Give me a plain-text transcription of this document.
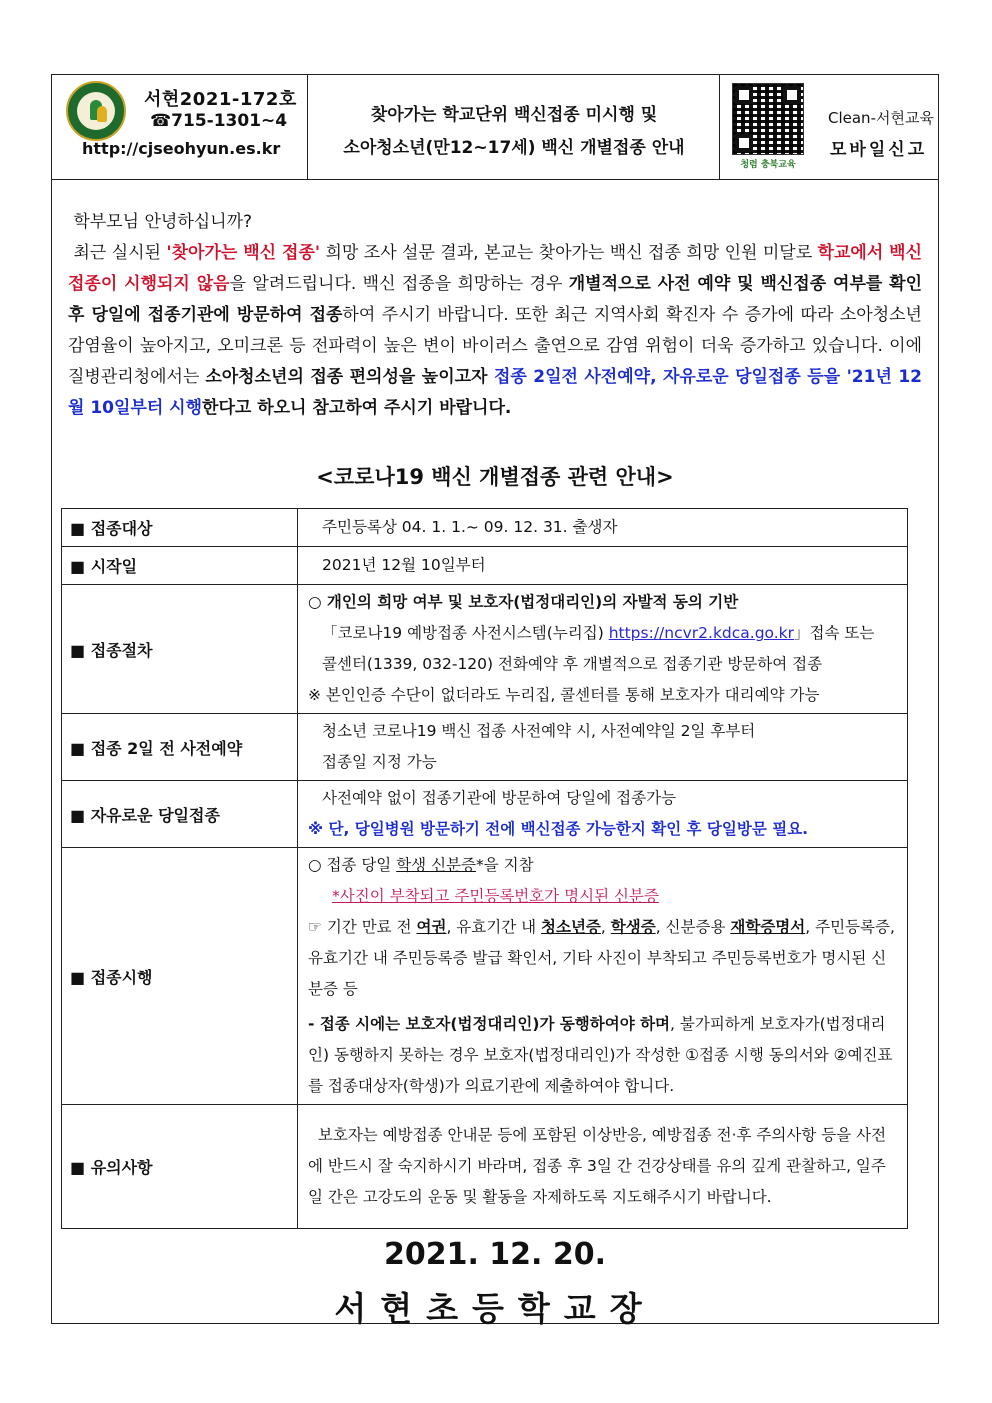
서현2021-172호
☎715-1301~4
http://cjseohyun.es.kr
찾아가는 학교단위 백신접종 미시행 및
소아청소년(만12~17세) 백신 개별접종 안내
청렴 충북교육
Clean-서현교육
모바일신고

학부모님 안녕하십니까?

최근 실시된 '찾아가는 백신 접종' 희망 조사 설문 결과, 본교는 찾아가는 백신 접종 희망 인원 미달로 학교에서 백신접종이 시행되지 않음을 알려드립니다. 백신 접종을 희망하는 경우 개별적으로 사전 예약 및 백신접종 여부를 확인 후 당일에 접종기관에 방문하여 접종하여 주시기 바랍니다. 또한 최근 지역사회 확진자 수 증가에 따라 소아청소년 감염율이 높아지고, 오미크론 등 전파력이 높은 변이 바이러스 출연으로 감염 위험이 더욱 증가하고 있습니다. 이에 질병관리청에서는 소아청소년의 접종 편의성을 높이고자 접종 2일전 사전예약, 자유로운 당일접종 등을 '21년 12월 10일부터 시행한다고 하오니 참고하여 주시기 바랍니다.

<코로나19 백신 개별접종 관련 안내>
■ 접종대상	주민등록상 04. 1. 1.~ 09. 12. 31. 출생자
■ 시작일	2021년 12월 10일부터
■ 접종절차	○ 개인의 희망 여부 및 보호자(법정대리인)의 자발적 동의 기반
「코로나19 예방접종 사전시스템(누리집) https://ncvr2.kdca.go.kr」접속 또는
콜센터(1339, 032-120) 전화예약 후 개별적으로 접종기관 방문하여 접종
※ 본인인증 수단이 없더라도 누리집, 콜센터를 통해 보호자가 대리예약 가능

■ 접종 2일 전 사전예약	청소년 코로나19 백신 접종 사전예약 시, 사전예약일 2일 후부터
접종일 지정 가능

■ 자유로운 당일접종	사전예약 없이 접종기관에 방문하여 당일에 접종가능
※ 단, 당일병원 방문하기 전에 백신접종 가능한지 확인 후 당일방문 필요.

■ 접종시행	○ 접종 당일 학생 신분증*을 지참
*사진이 부착되고 주민등록번호가 명시된 신분증
☞ 기간 만료 전 여권, 유효기간 내 청소년증, 학생증, 신분증용 재학증명서, 주민등록증, 유효기간 내 주민등록증 발급 확인서, 기타 사진이 부착되고 주민등록번호가 명시된 신분증 등
- 접종 시에는 보호자(법정대리인)가 동행하여야 하며, 불가피하게 보호자가(법정대리인) 동행하지 못하는 경우 보호자(법정대리인)가 작성한 ①접종 시행 동의서와 ②예진표를 접종대상자(학생)가 의료기관에 제출하여야 합니다.

■ 유의사항	보호자는 예방접종 안내문 등에 포함된 이상반응, 예방접종 전·후 주의사항 등을 사전에 반드시 잘 숙지하시기 바라며, 접종 후 3일 간 건강상태를 유의 깊게 관찰하고, 일주일 간은 고강도의 운동 및 활동을 자제하도록 지도해주시기 바랍니다.
2021. 12. 20.
서현초등학교장
